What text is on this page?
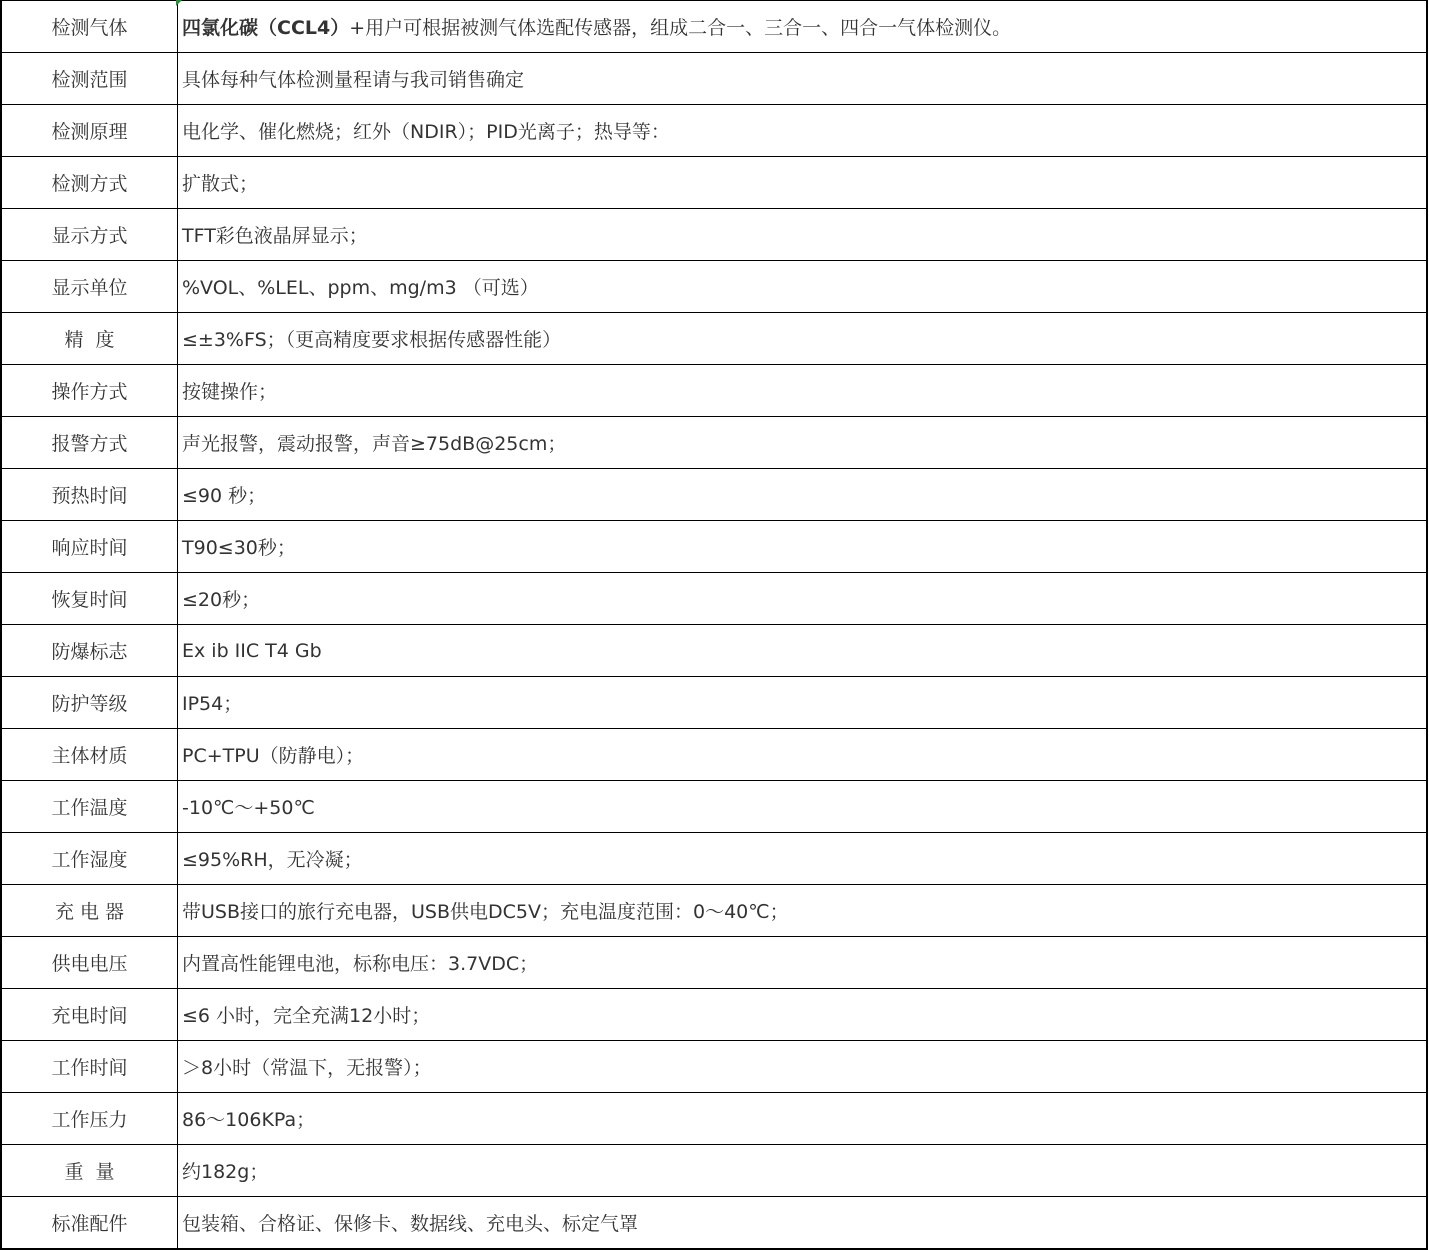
检测气体	四氯化碳（CCL4）+用户可根据被测气体选配传感器，组成二合一、三合一、四合一气体检测仪。
检测范围	具体每种气体检测量程请与我司销售确定
检测原理	电化学、催化燃烧；红外（NDIR）；PID光离子；热导等：
检测方式	扩散式；
显示方式	TFT彩色液晶屏显示；
显示单位	%VOL、%LEL、ppm、mg/m3 （可选）
精  度	≤±3%FS；（更高精度要求根据传感器性能）
操作方式	按键操作；
报警方式	声光报警，震动报警，声音≥75dB@25cm；
预热时间	≤90 秒；
响应时间	T90≤30秒；
恢复时间	≤20秒；
防爆标志	Ex ib IIC T4 Gb
防护等级	IP54；
主体材质	PC+TPU（防静电）；
工作温度	-10℃～+50℃
工作湿度	≤95%RH，无冷凝；
充 电 器	带USB接口的旅行充电器，USB供电DC5V；充电温度范围：0～40℃；
供电电压	内置高性能锂电池，标称电压：3.7VDC；
充电时间	≤6 小时，完全充满12小时；
工作时间	＞8小时（常温下，无报警）；
工作压力	86～106KPa；
重  量	约182g；
标准配件	包装箱、合格证、保修卡、数据线、充电头、标定气罩
